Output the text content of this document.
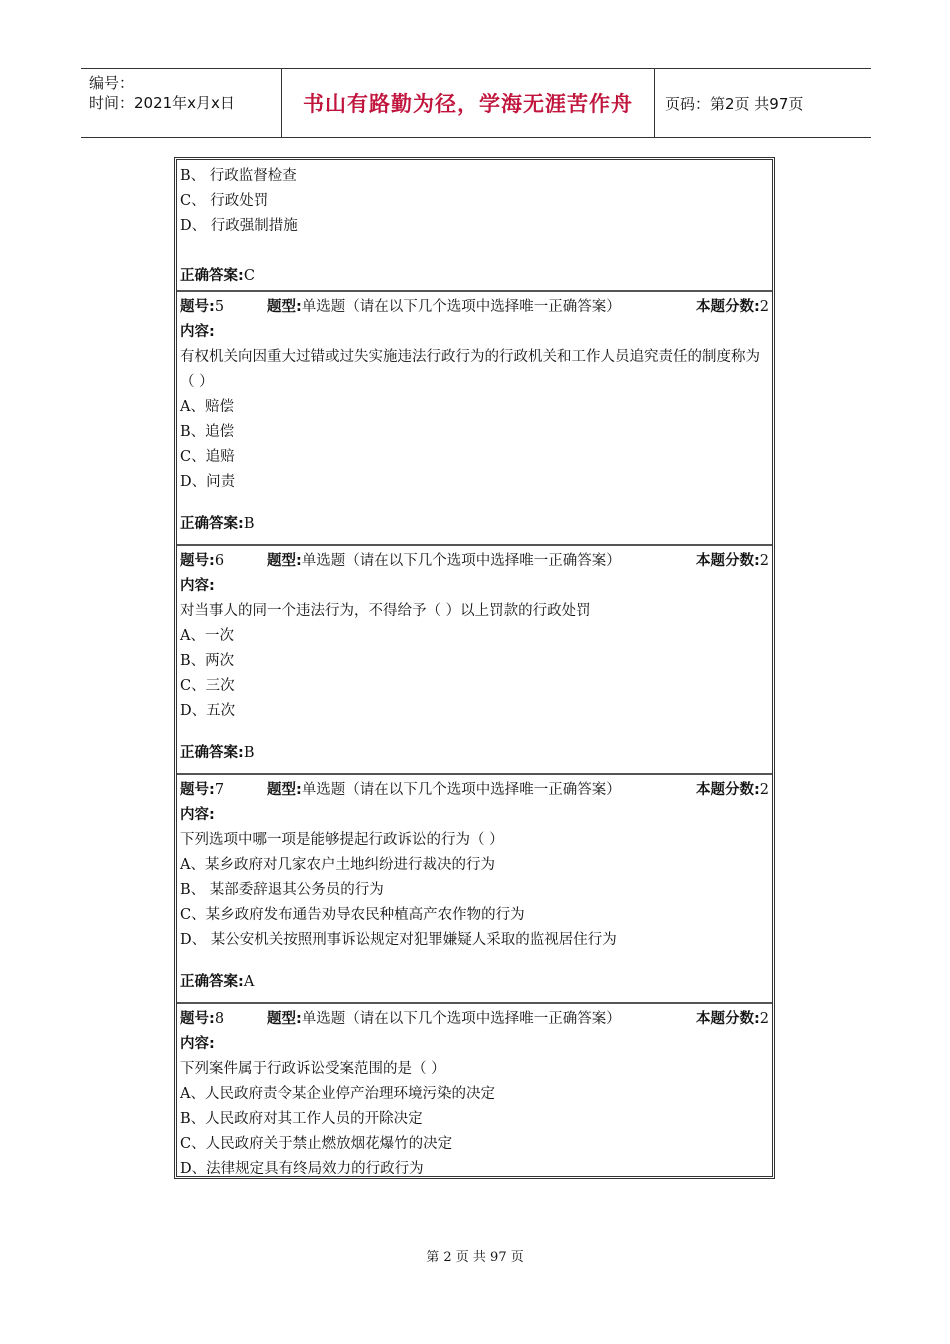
编号：
时间：2021年x月x日	书山有路勤为径，学海无涯苦作舟	页码：第2页 共97页
B、 行政监督检查
C、 行政处罚
D、 行政强制措施
正确答案:C
题号:5	题型:单选题（请在以下几个选项中选择唯一正确答案）	本题分数:2
内容:
有权机关向因重大过错或过失实施违法行政行为的行政机关和工作人员追究责任的制度称为（ ）
A、赔偿
B、追偿
C、追赔
D、问责
正确答案:B
题号:6	题型:单选题（请在以下几个选项中选择唯一正确答案）	本题分数:2
内容:
对当事人的同一个违法行为，不得给予（ ）以上罚款的行政处罚
A、一次
B、两次
C、三次
D、五次
正确答案:B
题号:7	题型:单选题（请在以下几个选项中选择唯一正确答案）	本题分数:2
内容:
下列选项中哪一项是能够提起行政诉讼的行为（ ）
A、某乡政府对几家农户土地纠纷进行裁决的行为
B、 某部委辞退其公务员的行为
C、某乡政府发布通告劝导农民种植高产农作物的行为
D、 某公安机关按照刑事诉讼规定对犯罪嫌疑人采取的监视居住行为
正确答案:A
题号:8	题型:单选题（请在以下几个选项中选择唯一正确答案）	本题分数:2
内容:
下列案件属于行政诉讼受案范围的是（ ）
A、人民政府责令某企业停产治理环境污染的决定
B、人民政府对其工作人员的开除决定
C、人民政府关于禁止燃放烟花爆竹的决定
D、法律规定具有终局效力的行政行为
第 2 页 共 97 页
